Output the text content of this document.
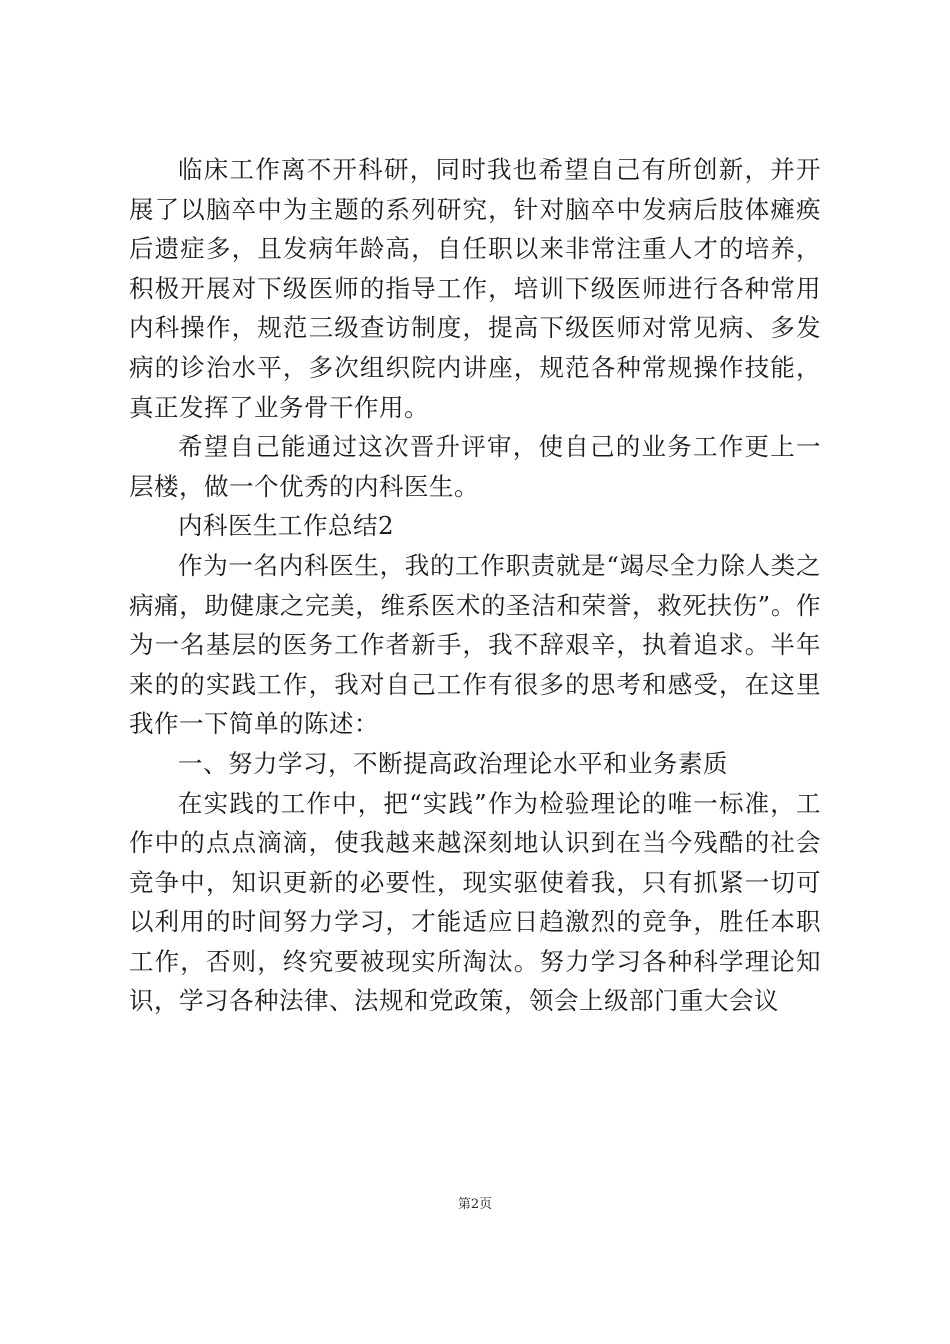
临床工作离不开科研，同时我也希望自己有所创新，并开展了以脑卒中为主题的系列研究，针对脑卒中发病后肢体瘫痪后遗症多，且发病年龄高，自任职以来非常注重人才的培养，积极开展对下级医师的指导工作，培训下级医师进行各种常用内科操作，规范三级查访制度，提高下级医师对常见病、多发病的诊治水平，多次组织院内讲座，规范各种常规操作技能，真正发挥了业务骨干作用。

希望自己能通过这次晋升评审，使自己的业务工作更上一层楼，做一个优秀的内科医生。

内科医生工作总结2

作为一名内科医生，我的工作职责就是“竭尽全力除人类之病痛，助健康之完美，维系医术的圣洁和荣誉，救死扶伤”。作为一名基层的医务工作者新手，我不辞艰辛，执着追求。半年来的的实践工作，我对自己工作有很多的思考和感受，在这里我作一下简单的陈述：

一、努力学习，不断提高政治理论水平和业务素质

在实践的工作中，把“实践”作为检验理论的唯一标准，工作中的点点滴滴，使我越来越深刻地认识到在当今残酷的社会竞争中，知识更新的必要性，现实驱使着我，只有抓紧一切可以利用的时间努力学习，才能适应日趋激烈的竞争，胜任本职工作，否则，终究要被现实所淘汰。努力学习各种科学理论知识，学习各种法律、法规和党政策，领会上级部门重大会议

第2页
